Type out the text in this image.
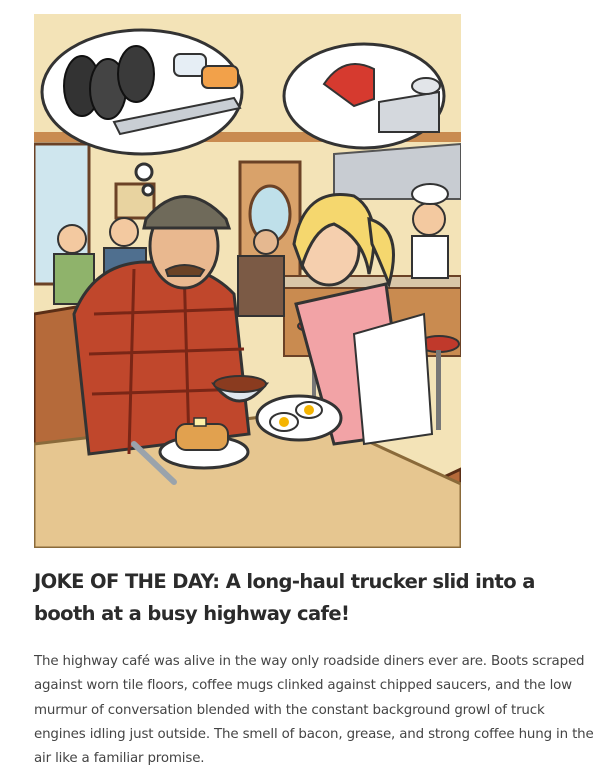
JOKE OF THE DAY: A long-haul trucker slid into a booth at a busy highway cafe!

The highway café was alive in the way only roadside diners ever are. Boots scraped against worn tile floors, coffee mugs clinked against chipped saucers, and the low murmur of conversation blended with the constant background growl of truck engines idling just outside. The smell of bacon, grease, and strong coffee hung in the air like a familiar promise.
